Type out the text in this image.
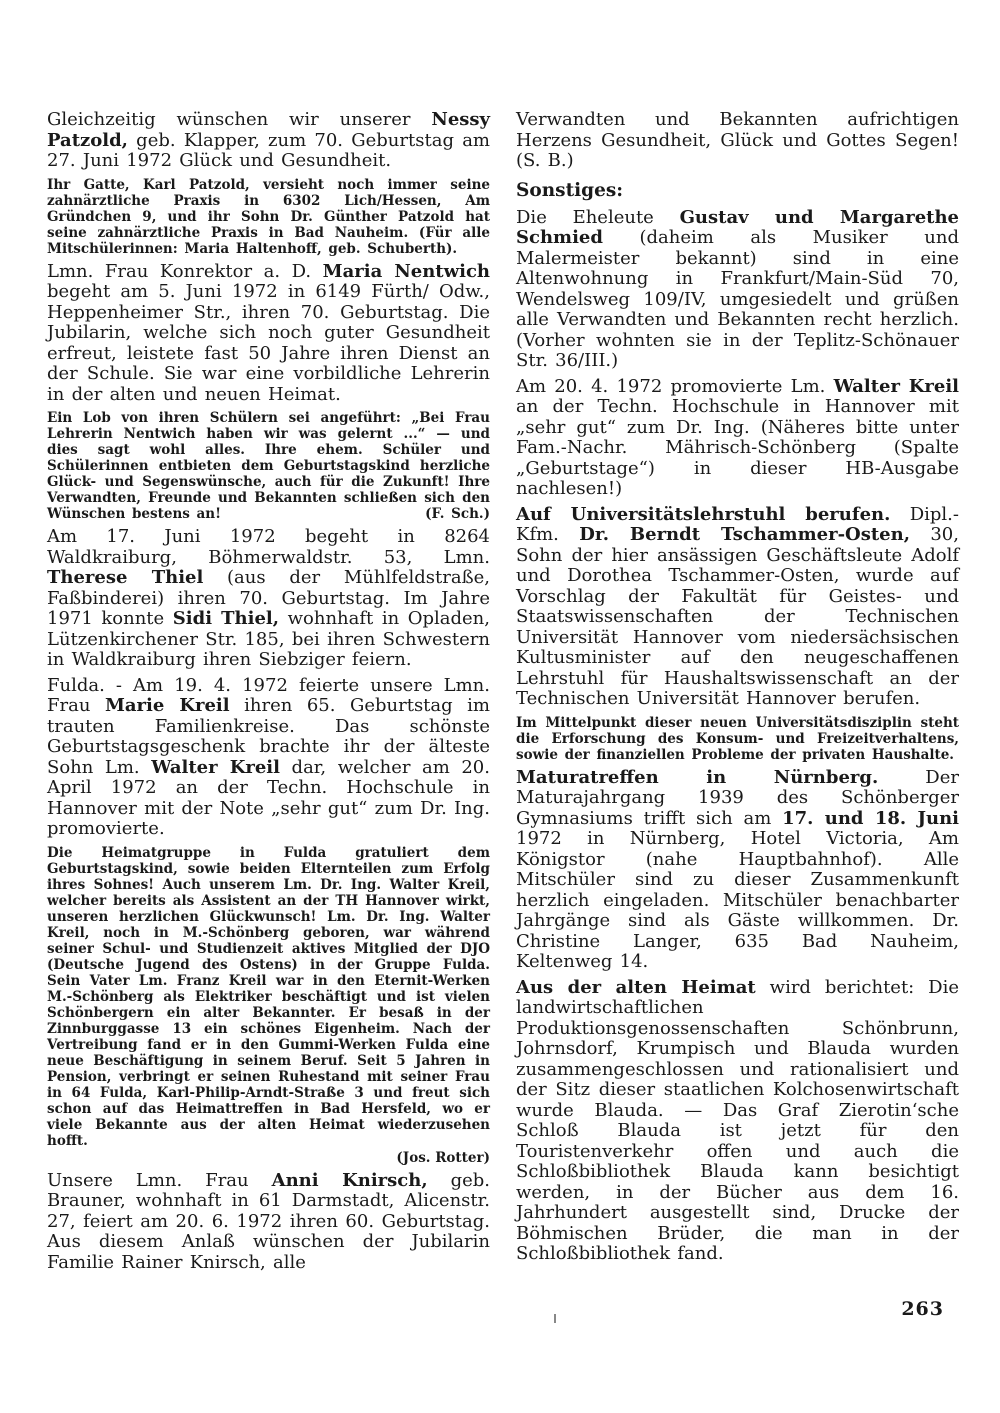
Gleichzeitig wünschen wir unserer Nessy Patzold, geb. Klapper, zum 70. Geburtstag am 27. Juni 1972 Glück und Gesundheit.

Ihr Gatte, Karl Patzold, versieht noch immer seine zahnärztliche Praxis in 6302 Lich/Hessen, Am Gründchen 9, und ihr Sohn Dr. Günther Patzold hat seine zahnärztliche Praxis in Bad Nauheim. (Für alle Mitschülerinnen: Maria Haltenhoff, geb. Schuberth).

Lmn. Frau Konrektor a. D. Maria Nentwich begeht am 5. Juni 1972 in 6149 Fürth/ Odw., Heppenheimer Str., ihren 70. Geburtstag. Die Jubilarin, welche sich noch guter Gesundheit erfreut, leistete fast 50 Jahre ihren Dienst an der Schule. Sie war eine vorbildliche Lehrerin in der alten und neuen Heimat.

Ein Lob von ihren Schülern sei angeführt: „Bei Frau Lehrerin Nentwich haben wir was gelernt ...“ — und dies sagt wohl alles. Ihre ehem. Schüler und Schülerinnen entbieten dem Geburtstagskind herzliche Glück- und Segenswünsche, auch für die Zukunft! Ihre Verwandten, Freunde und Bekannten schließen sich den Wünschen bestens an!	(F. Sch.)

Am 17. Juni 1972 begeht in 8264 Waldkraiburg, Böhmerwaldstr. 53, Lmn. Therese Thiel (aus der Mühlfeldstraße, Faßbinderei) ihren 70. Geburtstag. Im Jahre 1971 konnte Sidi Thiel, wohnhaft in Opladen, Lützenkirchener Str. 185, bei ihren Schwestern in Waldkraiburg ihren Siebziger feiern.

Fulda. - Am 19. 4. 1972 feierte unsere Lmn. Frau Marie Kreil ihren 65. Geburtstag im trauten Familienkreise. Das schönste Geburtstagsgeschenk brachte ihr der älteste Sohn Lm. Walter Kreil dar, welcher am 20. April 1972 an der Techn. Hochschule in Hannover mit der Note „sehr gut“ zum Dr. Ing. promovierte.

Die Heimatgruppe in Fulda gratuliert dem Geburtstagskind, sowie beiden Elternteilen zum Erfolg ihres Sohnes! Auch unserem Lm. Dr. Ing. Walter Kreil, welcher bereits als Assistent an der TH Hannover wirkt, unseren herzlichen Glückwunsch! Lm. Dr. Ing. Walter Kreil, noch in M.-Schönberg geboren, war während seiner Schul- und Studienzeit aktives Mitglied der DJO (Deutsche Jugend des Ostens) in der Gruppe Fulda. Sein Vater Lm. Franz Kreil war in den Eternit-Werken M.-Schönberg als Elektriker beschäftigt und ist vielen Schönbergern ein alter Bekannter. Er besaß in der Zinnburggasse 13 ein schönes Eigenheim. Nach der Vertreibung fand er in den Gummi-Werken Fulda eine neue Beschäftigung in seinem Beruf. Seit 5 Jahren in Pension, verbringt er seinen Ruhestand mit seiner Frau in 64 Fulda, Karl-Philip-Arndt-Straße 3 und freut sich schon auf das Heimattreffen in Bad Hersfeld, wo er viele Bekannte aus der alten Heimat wiederzusehen hofft.

(Jos. Rotter)

Unsere Lmn. Frau Anni Knirsch, geb. Brauner, wohnhaft in 61 Darmstadt, Alicenstr. 27, feiert am 20. 6. 1972 ihren 60. Geburtstag. Aus diesem Anlaß wünschen der Jubilarin Familie Rainer Knirsch, alle

Verwandten und Bekannten aufrichtigen Herzens Gesundheit, Glück und Gottes Segen! (S. B.)

Sonstiges:

Die Eheleute Gustav und Margarethe Schmied (daheim als Musiker und Malermeister bekannt) sind in eine Altenwohnung in Frankfurt/Main-Süd 70, Wendelsweg 109/IV, umgesiedelt und grüßen alle Verwandten und Bekannten recht herzlich. (Vorher wohnten sie in der Teplitz-Schönauer Str. 36/III.)

Am 20. 4. 1972 promovierte Lm. Walter Kreil an der Techn. Hochschule in Hannover mit „sehr gut“ zum Dr. Ing. (Näheres bitte unter Fam.-Nachr. Mährisch-Schönberg (Spalte „Geburtstage“) in dieser HB-Ausgabe nachlesen!)

Auf Universitätslehrstuhl berufen. Dipl.-Kfm. Dr. Berndt Tschammer-Osten, 30, Sohn der hier ansässigen Geschäftsleute Adolf und Dorothea Tschammer-Osten, wurde auf Vorschlag der Fakultät für Geistes- und Staatswissenschaften der Technischen Universität Hannover vom niedersächsischen Kultusminister auf den neugeschaffenen Lehrstuhl für Haushaltswissenschaft an der Technischen Universität Hannover berufen.

Im Mittelpunkt dieser neuen Universitätsdisziplin steht die Erforschung des Konsum- und Freizeitverhaltens, sowie der finanziellen Probleme der privaten Haushalte.

Maturatreffen in Nürnberg. Der Maturajahrgang 1939 des Schönberger Gymnasiums trifft sich am 17. und 18. Juni 1972 in Nürnberg, Hotel Victoria, Am Königstor (nahe Hauptbahnhof). Alle Mitschüler sind zu dieser Zusammenkunft herzlich eingeladen. Mitschüler benachbarter Jahrgänge sind als Gäste willkommen. Dr. Christine Langer, 635 Bad Nauheim, Keltenweg 14.

Aus der alten Heimat wird berichtet: Die landwirtschaftlichen Produktionsgenossenschaften Schönbrunn, Johrnsdorf, Krumpisch und Blauda wurden zusammengeschlossen und rationalisiert und der Sitz dieser staatlichen Kolchosenwirtschaft wurde Blauda. — Das Graf Zierotin‘sche Schloß Blauda ist jetzt für den Touristenverkehr offen und auch die Schloßbibliothek Blauda kann besichtigt werden, in der Bücher aus dem 16. Jahrhundert ausgestellt sind, Drucke der Böhmischen Brüder, die man in der Schloßbibliothek fand.

263
